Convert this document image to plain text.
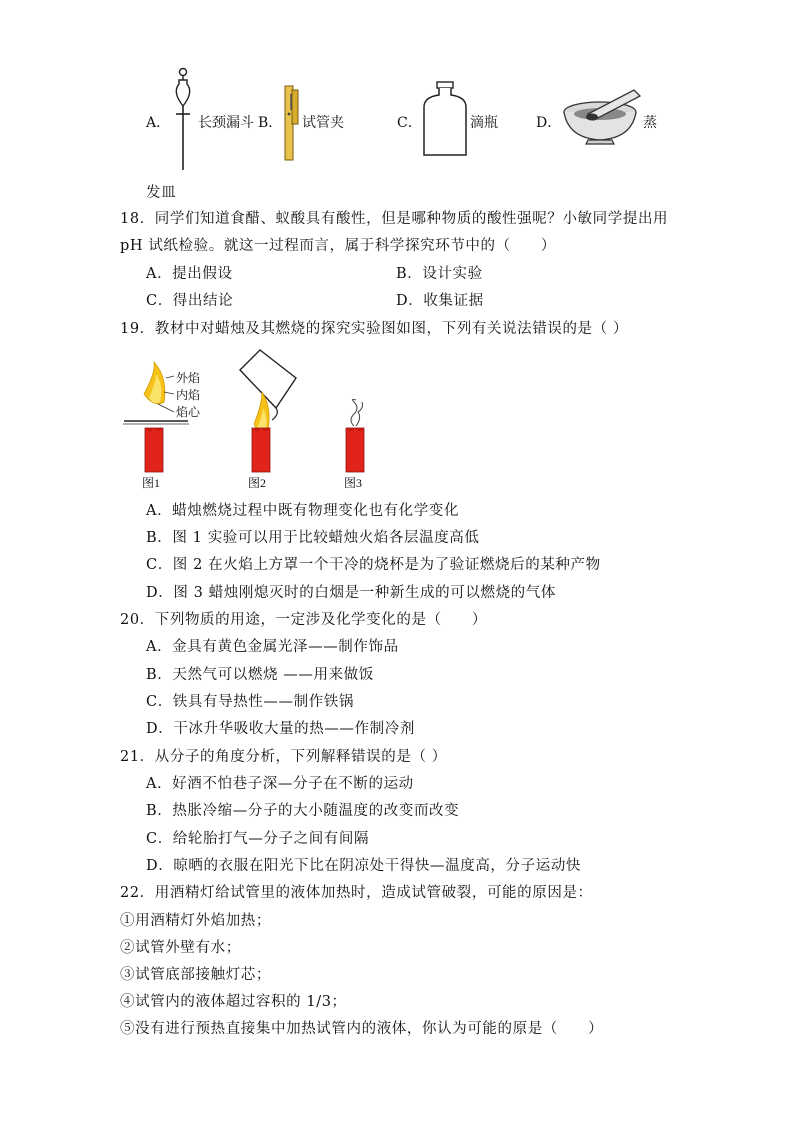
A． 长颈漏斗 B． 试管夹	C．	滴瓶	D．	蒸
发皿
18．同学们知道食醋、蚁酸具有酸性，但是哪种物质的酸性强呢？小敏同学提出用
pH 试纸检验。就这一过程而言，属于科学探究环节中的（　　）
A．提出假设	B．设计实验
C．得出结论	D．收集证据
19．教材中对蜡烛及其燃烧的探究实验图如图，下列有关说法错误的是（ ）
外焰
内焰
焰心
图1	图2	图3
A．蜡烛燃烧过程中既有物理变化也有化学变化
B．图 1 实验可以用于比较蜡烛火焰各层温度高低
C．图 2 在火焰上方罩一个干冷的烧杯是为了验证燃烧后的某种产物
D．图 3 蜡烛刚熄灭时的白烟是一种新生成的可以燃烧的气体
20．下列物质的用途，一定涉及化学变化的是（　　）
A．金具有黄色金属光泽——制作饰品
B．天然气可以燃烧 ——用来做饭
C．铁具有导热性——制作铁锅
D．干冰升华吸收大量的热——作制冷剂
21．从分子的角度分析，下列解释错误的是（ ）
A．好酒不怕巷子深—分子在不断的运动
B．热胀冷缩—分子的大小随温度的改变而改变
C．给轮胎打气—分子之间有间隔
D．晾晒的衣服在阳光下比在阴凉处干得快—温度高，分子运动快
22．用酒精灯给试管里的液体加热时，造成试管破裂，可能的原因是：
①用酒精灯外焰加热；
②试管外壁有水；
③试管底部接触灯芯；
④试管内的液体超过容积的 1/3；
⑤没有进行预热直接集中加热试管内的液体，你认为可能的原是（　　）
